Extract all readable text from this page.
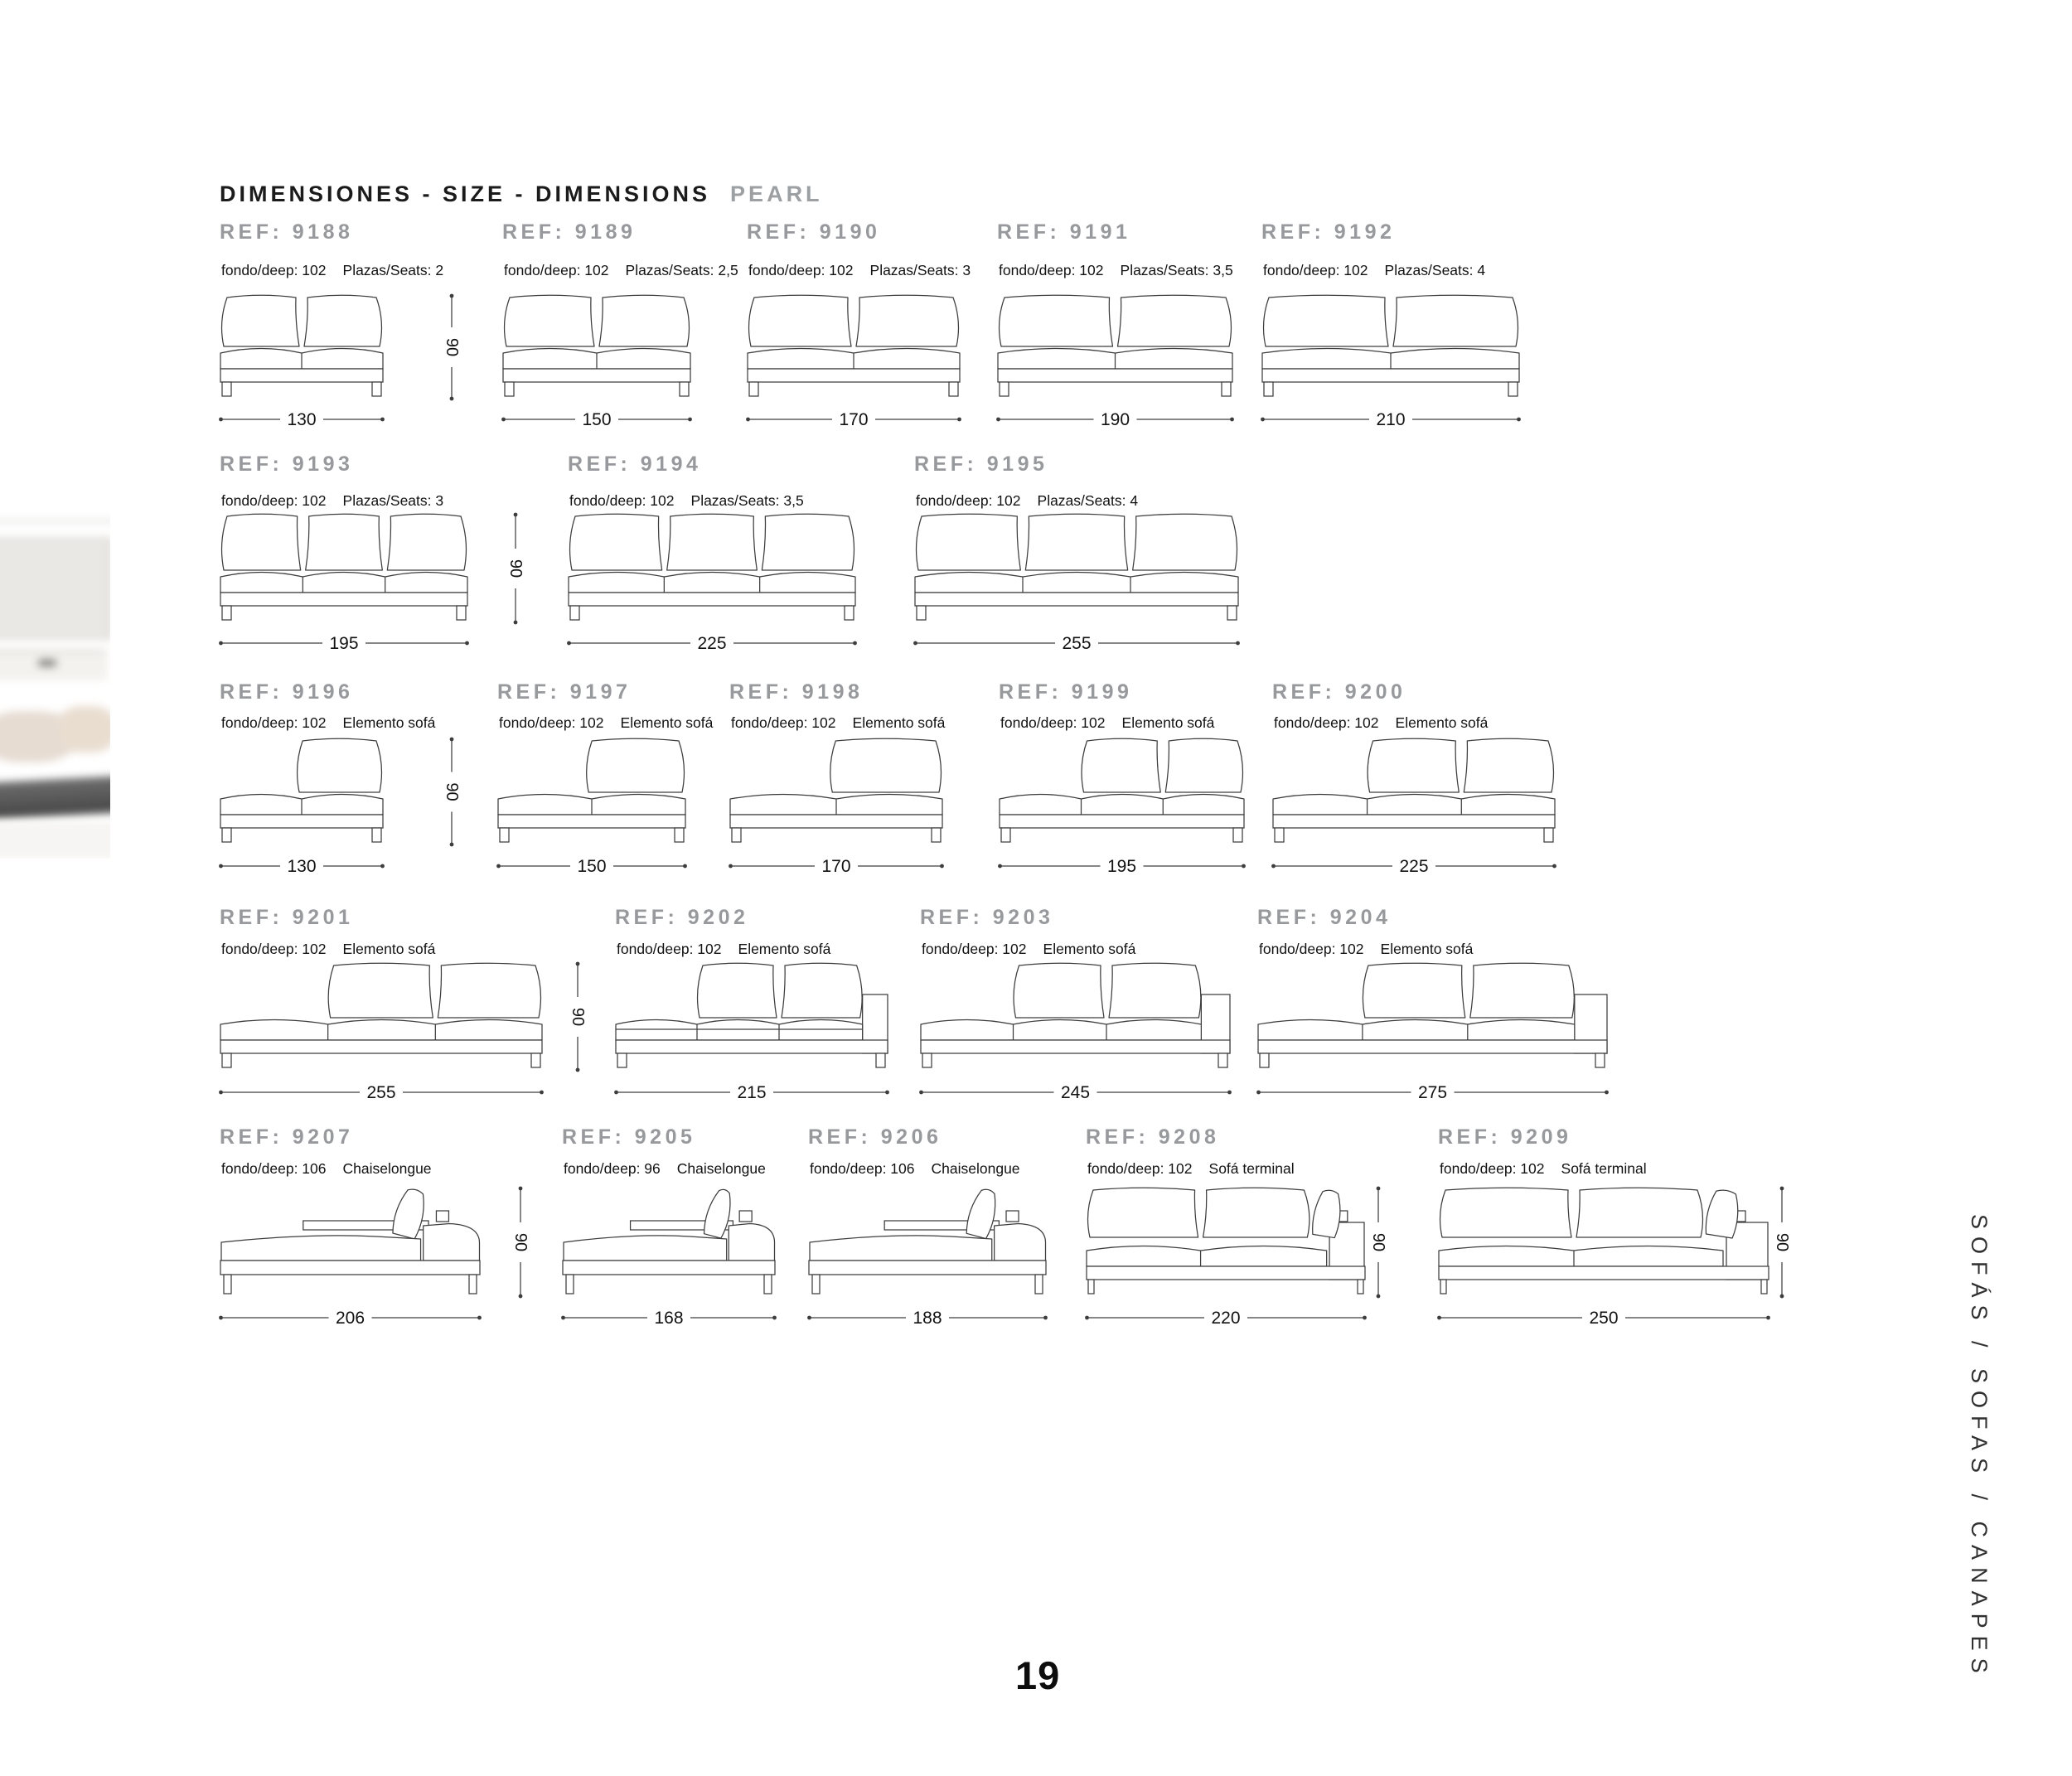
DIMENSIONES - SIZE - DIMENSIONS PEARL
REF: 9188
fondo/deep: 102 Plazas/Seats: 2
130
90
REF: 9189
fondo/deep: 102 Plazas/Seats: 2,5
150
REF: 9190
fondo/deep: 102 Plazas/Seats: 3
170
REF: 9191
fondo/deep: 102 Plazas/Seats: 3,5
190
REF: 9192
fondo/deep: 102 Plazas/Seats: 4
210
REF: 9193
fondo/deep: 102 Plazas/Seats: 3
195
90
REF: 9194
fondo/deep: 102 Plazas/Seats: 3,5
225
REF: 9195
fondo/deep: 102 Plazas/Seats: 4
255
REF: 9196
fondo/deep: 102 Elemento sofá
130
90
REF: 9197
fondo/deep: 102 Elemento sofá
150
REF: 9198
fondo/deep: 102 Elemento sofá
170
REF: 9199
fondo/deep: 102 Elemento sofá
195
REF: 9200
fondo/deep: 102 Elemento sofá
225
REF: 9201
fondo/deep: 102 Elemento sofá
255
90
REF: 9202
fondo/deep: 102 Elemento sofá
215
REF: 9203
fondo/deep: 102 Elemento sofá
245
REF: 9204
fondo/deep: 102 Elemento sofá
275
REF: 9207
fondo/deep: 106 Chaiselongue
206
90
REF: 9205
fondo/deep: 96 Chaiselongue
168
REF: 9206
fondo/deep: 106 Chaiselongue
188
REF: 9208
fondo/deep: 102 Sofá terminal
220
90
REF: 9209
fondo/deep: 102 Sofá terminal
250
90	SOFÁS / SOFAS / CANAPES
19
